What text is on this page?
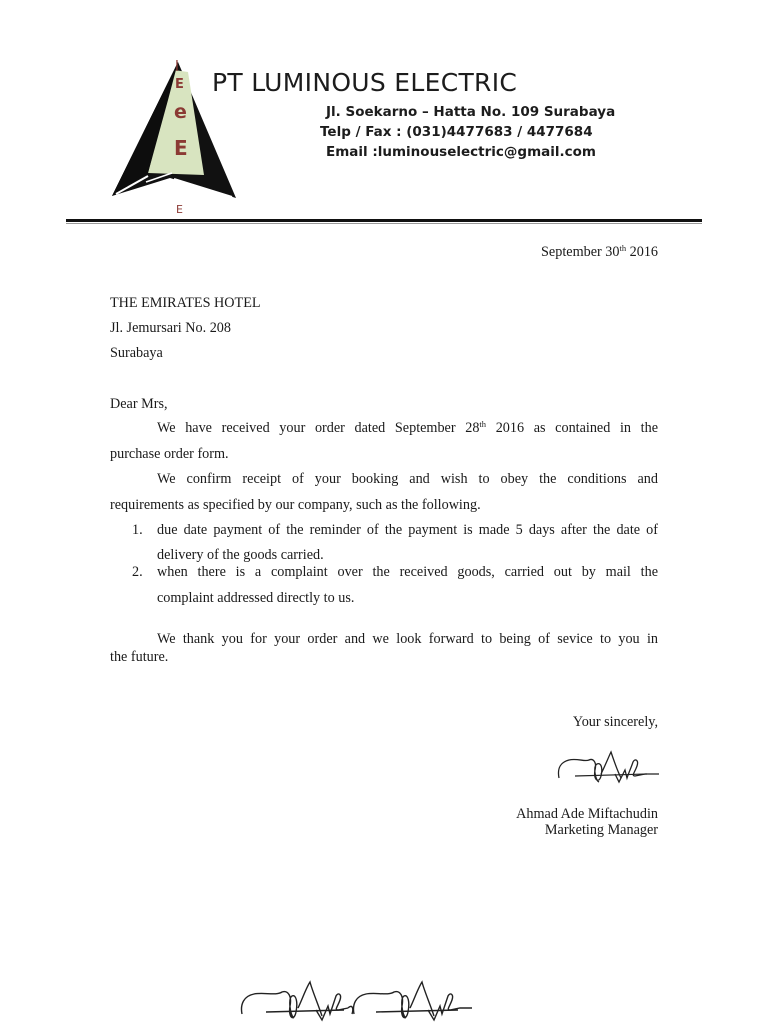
l
E
e
E
E
PT LUMINOUS ELECTRIC
Jl. Soekarno – Hatta No. 109 Surabaya
Telp / Fax : (031)4477683 / 4477684
Email :luminouselectric@gmail.com
September 30th 2016
THE EMIRATES HOTEL
Jl. Jemursari No. 208
Surabaya
Dear Mrs,
We have received your order dated September 28th 2016 as contained in the
purchase order form.
We confirm receipt of your booking and wish to obey the conditions and
requirements as specified by our company, such as the following.
1. due date payment of the reminder of the payment is made 5 days after the date of
delivery of the goods carried.
2. when there is a complaint over the received goods, carried out by mail the
complaint addressed directly to us.
We thank you for your order and we look forward to being of sevice to you in
the future.
Your sincerely,
Ahmad Ade Miftachudin
Marketing Manager
